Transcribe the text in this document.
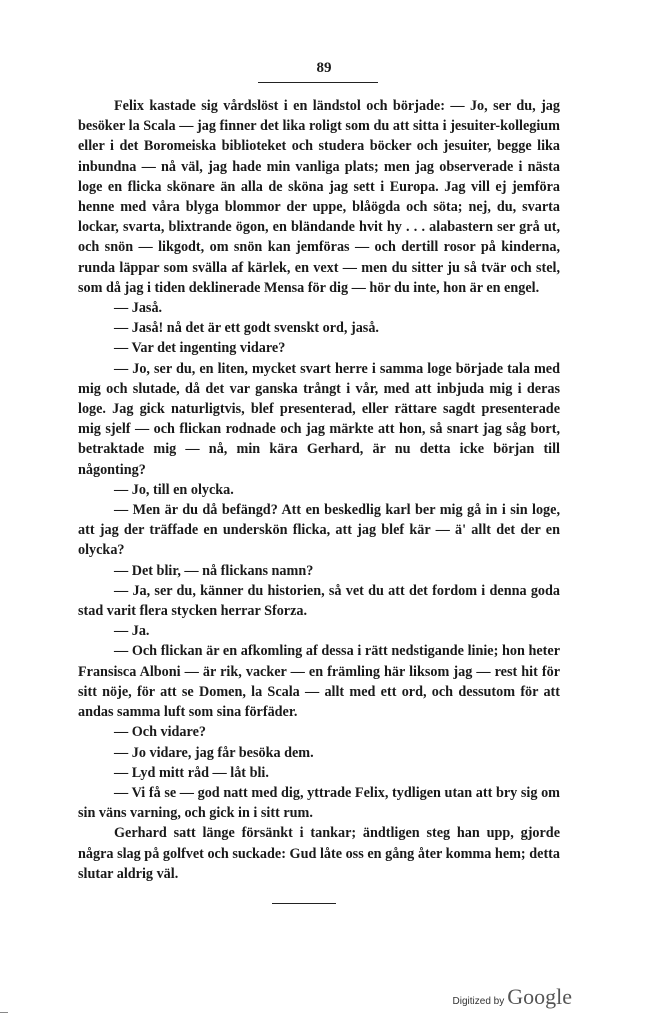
89

Felix kastade sig vårdslöst i en ländstol och började: — Jo, ser du, jag besöker la Scala — jag finner det lika roligt som du att sitta i jesuiter-kollegium eller i det Boromeiska biblioteket och studera böcker och jesuiter, begge lika inbundna — nå väl, jag hade min vanliga plats; men jag observerade i nästa loge en flicka skönare än alla de sköna jag sett i Europa. Jag vill ej jemföra henne med våra blyga blommor der uppe, blåögda och söta; nej, du, svarta lockar, svarta, blixtrande ögon, en bländande hvit hy . . . alabastern ser grå ut, och snön — likgodt, om snön kan jemföras — och dertill rosor på kinderna, runda läppar som svälla af kärlek, en vext — men du sitter ju så tvär och stel, som då jag i tiden deklinerade Mensa för dig — hör du inte, hon är en engel.

— Jaså.

— Jaså! nå det är ett godt svenskt ord, jaså.

— Var det ingenting vidare?

— Jo, ser du, en liten, mycket svart herre i samma loge började tala med mig och slutade, då det var ganska trångt i vår, med att inbjuda mig i deras loge. Jag gick naturligtvis, blef presenterad, eller rättare sagdt presenterade mig sjelf — och flickan rodnade och jag märkte att hon, så snart jag såg bort, betraktade mig — nå, min kära Gerhard, är nu detta icke början till någonting?

— Jo, till en olycka.

— Men är du då befängd? Att en beskedlig karl ber mig gå in i sin loge, att jag der träffade en underskön flicka, att jag blef kär — ä' allt det der en olycka?

— Det blir, — nå flickans namn?

— Ja, ser du, känner du historien, så vet du att det fordom i denna goda stad varit flera stycken herrar Sforza.

— Ja.

— Och flickan är en afkomling af dessa i rätt nedstigande linie; hon heter Fransisca Alboni — är rik, vacker — en främling här liksom jag — rest hit för sitt nöje, för att se Domen, la Scala — allt med ett ord, och dessutom för att andas samma luft som sina förfäder.

— Och vidare?

— Jo vidare, jag får besöka dem.

— Lyd mitt råd — låt bli.

— Vi få se — god natt med dig, yttrade Felix, tydligen utan att bry sig om sin väns varning, och gick in i sitt rum.

Gerhard satt länge försänkt i tankar; ändtligen steg han upp, gjorde några slag på golfvet och suckade: Gud låte oss en gång åter komma hem; detta slutar aldrig väl.

Digitized by Google
